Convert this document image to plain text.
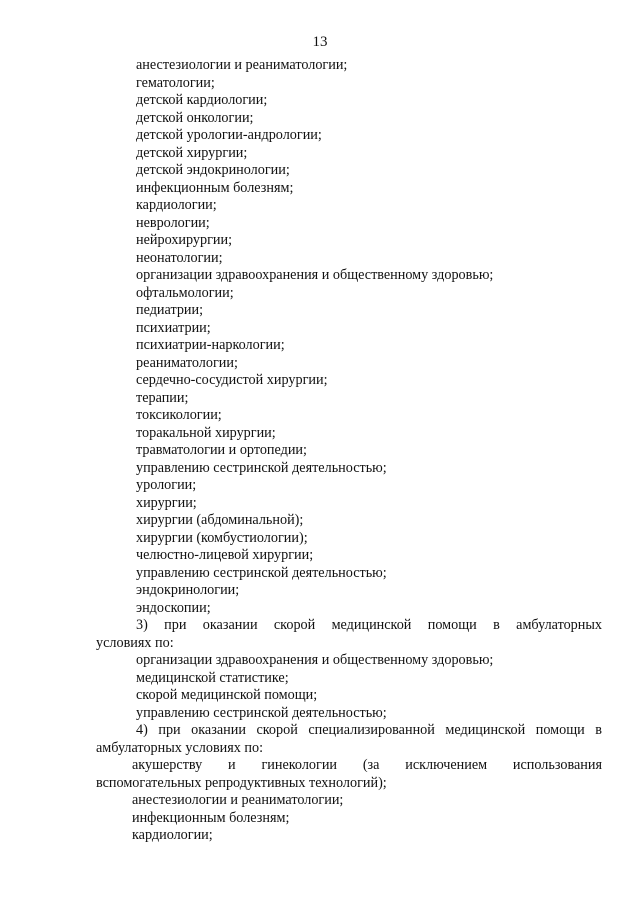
13
анестезиологии и реаниматологии;
гематологии;
детской кардиологии;
детской онкологии;
детской урологии-андрологии;
детской хирургии;
детской эндокринологии;
инфекционным болезням;
кардиологии;
неврологии;
нейрохирургии;
неонатологии;
организации здравоохранения и общественному здоровью;
офтальмологии;
педиатрии;
психиатрии;
психиатрии-наркологии;
реаниматологии;
сердечно-сосудистой хирургии;
терапии;
токсикологии;
торакальной хирургии;
травматологии и ортопедии;
управлению сестринской деятельностью;
урологии;
хирургии;
хирургии (абдоминальной);
хирургии (комбустиологии);
челюстно-лицевой хирургии;
управлению сестринской деятельностью;
эндокринологии;
эндоскопии;
3) при оказании скорой медицинской помощи в амбулаторных
условиях по:
организации здравоохранения и общественному здоровью;
медицинской статистике;
скорой медицинской помощи;
управлению сестринской деятельностью;
4) при оказании скорой специализированной медицинской помощи в
амбулаторных условиях по:
акушерству и гинекологии (за исключением использования
вспомогательных репродуктивных технологий);
анестезиологии и реаниматологии;
инфекционным болезням;
кардиологии;
